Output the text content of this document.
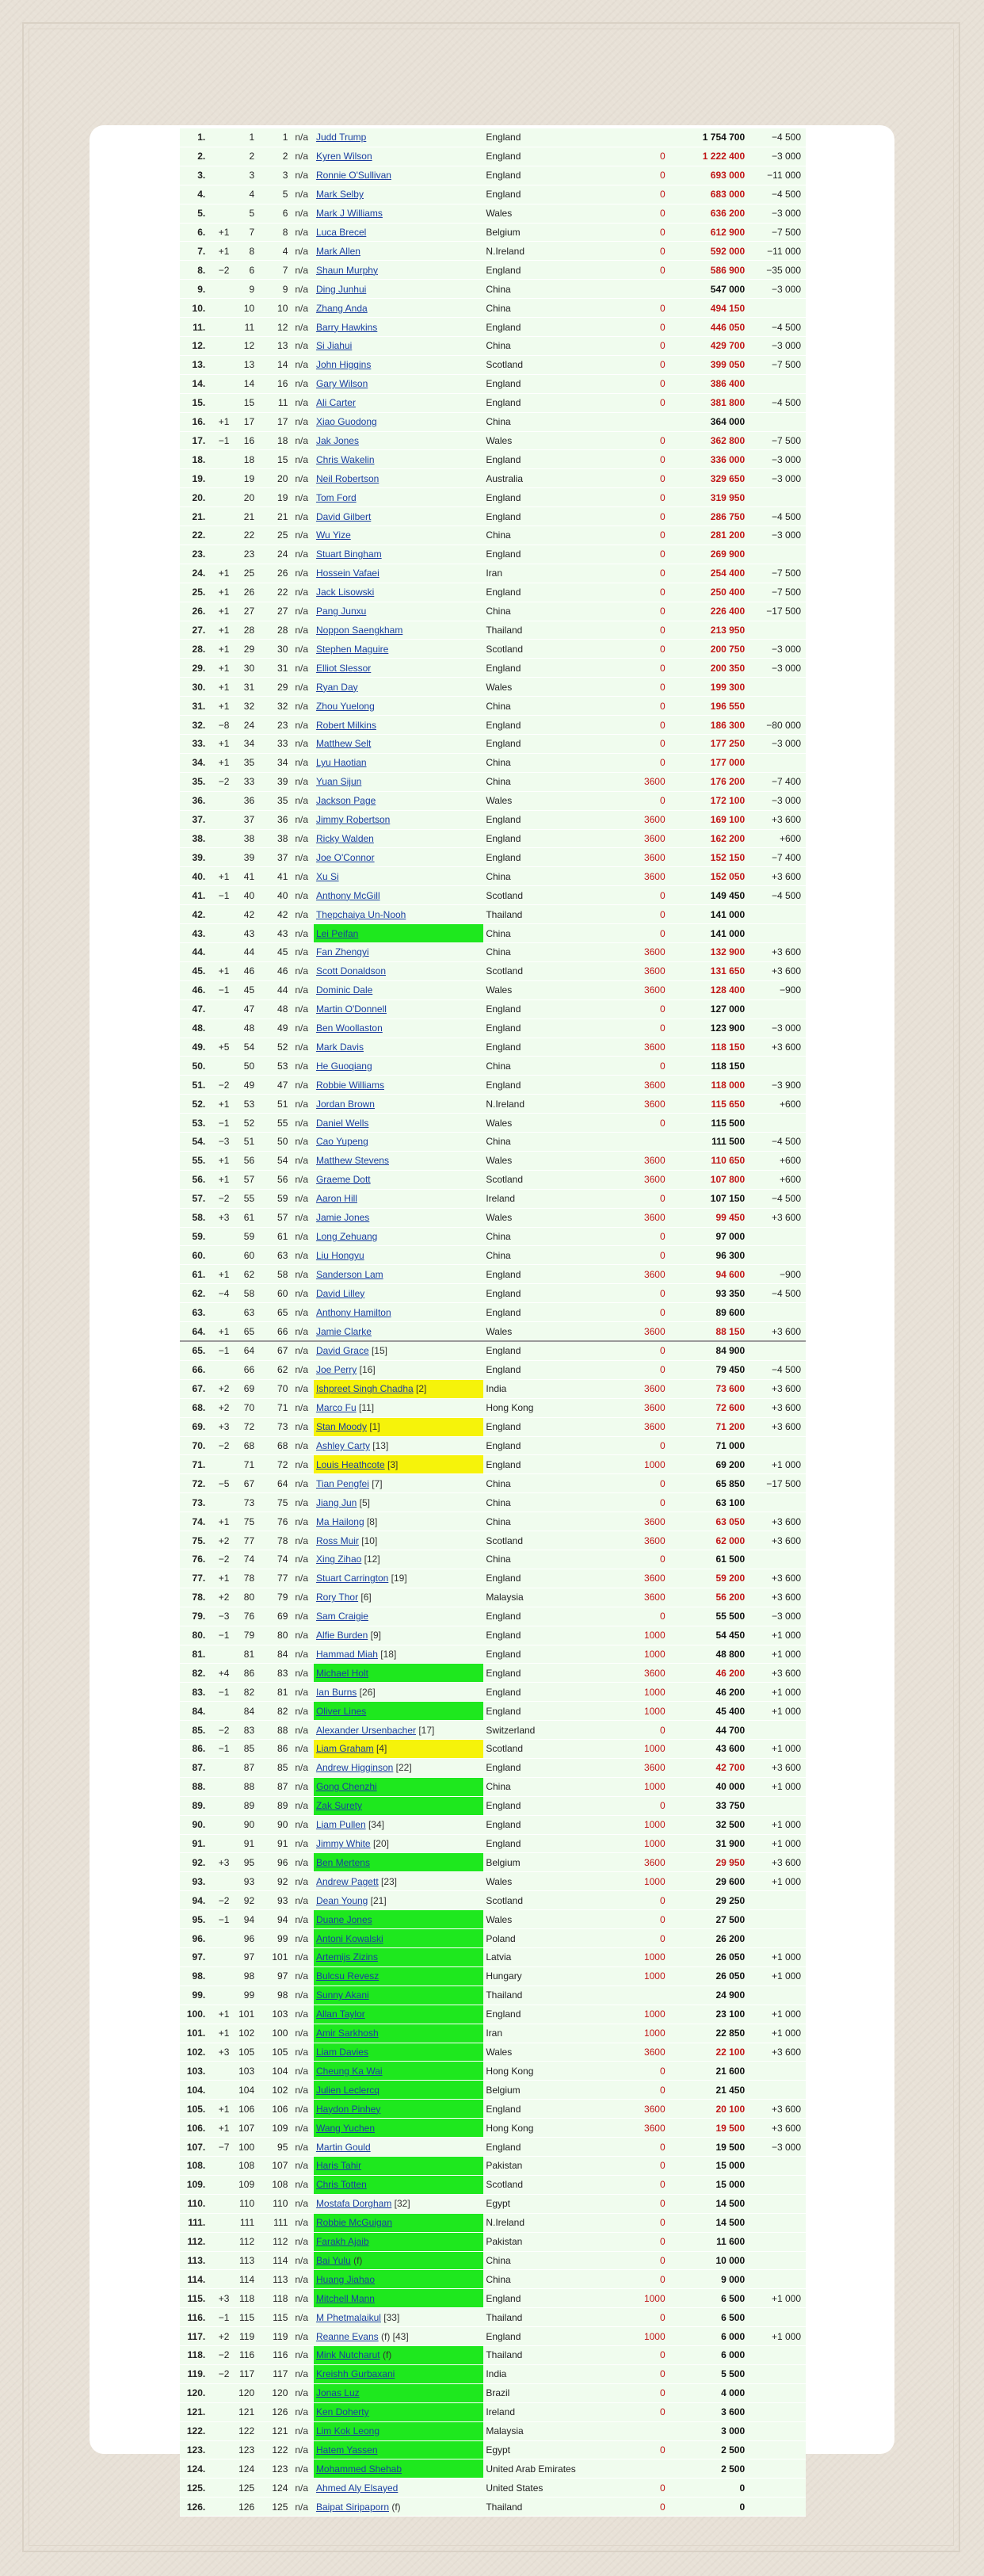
1.		1	1	n/a	Judd Trump	England		1 754 700	−4 500
2.		2	2	n/a	Kyren Wilson	England	0	1 222 400	−3 000
3.		3	3	n/a	Ronnie O'Sullivan	England	0	693 000	−11 000
4.		4	5	n/a	Mark Selby	England	0	683 000	−4 500
5.		5	6	n/a	Mark J Williams	Wales	0	636 200	−3 000
6.	+1	7	8	n/a	Luca Brecel	Belgium	0	612 900	−7 500
7.	+1	8	4	n/a	Mark Allen	N.Ireland	0	592 000	−11 000
8.	−2	6	7	n/a	Shaun Murphy	England	0	586 900	−35 000
9.		9	9	n/a	Ding Junhui	China		547 000	−3 000
10.		10	10	n/a	Zhang Anda	China	0	494 150	
11.		11	12	n/a	Barry Hawkins	England	0	446 050	−4 500
12.		12	13	n/a	Si Jiahui	China	0	429 700	−3 000
13.		13	14	n/a	John Higgins	Scotland	0	399 050	−7 500
14.		14	16	n/a	Gary Wilson	England	0	386 400	
15.		15	11	n/a	Ali Carter	England	0	381 800	−4 500
16.	+1	17	17	n/a	Xiao Guodong	China		364 000	
17.	−1	16	18	n/a	Jak Jones	Wales	0	362 800	−7 500
18.		18	15	n/a	Chris Wakelin	England	0	336 000	−3 000
19.		19	20	n/a	Neil Robertson	Australia	0	329 650	−3 000
20.		20	19	n/a	Tom Ford	England	0	319 950	
21.		21	21	n/a	David Gilbert	England	0	286 750	−4 500
22.		22	25	n/a	Wu Yize	China	0	281 200	−3 000
23.		23	24	n/a	Stuart Bingham	England	0	269 900	
24.	+1	25	26	n/a	Hossein Vafaei	Iran	0	254 400	−7 500
25.	+1	26	22	n/a	Jack Lisowski	England	0	250 400	−7 500
26.	+1	27	27	n/a	Pang Junxu	China	0	226 400	−17 500
27.	+1	28	28	n/a	Noppon Saengkham	Thailand	0	213 950	
28.	+1	29	30	n/a	Stephen Maguire	Scotland	0	200 750	−3 000
29.	+1	30	31	n/a	Elliot Slessor	England	0	200 350	−3 000
30.	+1	31	29	n/a	Ryan Day	Wales	0	199 300	
31.	+1	32	32	n/a	Zhou Yuelong	China	0	196 550	
32.	−8	24	23	n/a	Robert Milkins	England	0	186 300	−80 000
33.	+1	34	33	n/a	Matthew Selt	England	0	177 250	−3 000
34.	+1	35	34	n/a	Lyu Haotian	China	0	177 000	
35.	−2	33	39	n/a	Yuan Sijun	China	3600	176 200	−7 400
36.		36	35	n/a	Jackson Page	Wales	0	172 100	−3 000
37.		37	36	n/a	Jimmy Robertson	England	3600	169 100	+3 600
38.		38	38	n/a	Ricky Walden	England	3600	162 200	+600
39.		39	37	n/a	Joe O'Connor	England	3600	152 150	−7 400
40.	+1	41	41	n/a	Xu Si	China	3600	152 050	+3 600
41.	−1	40	40	n/a	Anthony McGill	Scotland	0	149 450	−4 500
42.		42	42	n/a	Thepchaiya Un-Nooh	Thailand	0	141 000	
43.		43	43	n/a	Lei Peifan	China	0	141 000	
44.		44	45	n/a	Fan Zhengyi	China	3600	132 900	+3 600
45.	+1	46	46	n/a	Scott Donaldson	Scotland	3600	131 650	+3 600
46.	−1	45	44	n/a	Dominic Dale	Wales	3600	128 400	−900
47.		47	48	n/a	Martin O'Donnell	England	0	127 000	
48.		48	49	n/a	Ben Woollaston	England	0	123 900	−3 000
49.	+5	54	52	n/a	Mark Davis	England	3600	118 150	+3 600
50.		50	53	n/a	He Guoqiang	China	0	118 150	
51.	−2	49	47	n/a	Robbie Williams	England	3600	118 000	−3 900
52.	+1	53	51	n/a	Jordan Brown	N.Ireland	3600	115 650	+600
53.	−1	52	55	n/a	Daniel Wells	Wales	0	115 500	
54.	−3	51	50	n/a	Cao Yupeng	China		111 500	−4 500
55.	+1	56	54	n/a	Matthew Stevens	Wales	3600	110 650	+600
56.	+1	57	56	n/a	Graeme Dott	Scotland	3600	107 800	+600
57.	−2	55	59	n/a	Aaron Hill	Ireland	0	107 150	−4 500
58.	+3	61	57	n/a	Jamie Jones	Wales	3600	99 450	+3 600
59.		59	61	n/a	Long Zehuang	China	0	97 000	
60.		60	63	n/a	Liu Hongyu	China	0	96 300	
61.	+1	62	58	n/a	Sanderson Lam	England	3600	94 600	−900
62.	−4	58	60	n/a	David Lilley	England	0	93 350	−4 500
63.		63	65	n/a	Anthony Hamilton	England	0	89 600	
64.	+1	65	66	n/a	Jamie Clarke	Wales	3600	88 150	+3 600
65.	−1	64	67	n/a	David Grace [15]	England	0	84 900	
66.		66	62	n/a	Joe Perry [16]	England	0	79 450	−4 500
67.	+2	69	70	n/a	Ishpreet Singh Chadha [2]	India	3600	73 600	+3 600
68.	+2	70	71	n/a	Marco Fu [11]	Hong Kong	3600	72 600	+3 600
69.	+3	72	73	n/a	Stan Moody [1]	England	3600	71 200	+3 600
70.	−2	68	68	n/a	Ashley Carty [13]	England	0	71 000	
71.		71	72	n/a	Louis Heathcote [3]	England	1000	69 200	+1 000
72.	−5	67	64	n/a	Tian Pengfei [7]	China	0	65 850	−17 500
73.		73	75	n/a	Jiang Jun [5]	China	0	63 100	
74.	+1	75	76	n/a	Ma Hailong [8]	China	3600	63 050	+3 600
75.	+2	77	78	n/a	Ross Muir [10]	Scotland	3600	62 000	+3 600
76.	−2	74	74	n/a	Xing Zihao [12]	China	0	61 500	
77.	+1	78	77	n/a	Stuart Carrington [19]	England	3600	59 200	+3 600
78.	+2	80	79	n/a	Rory Thor [6]	Malaysia	3600	56 200	+3 600
79.	−3	76	69	n/a	Sam Craigie	England	0	55 500	−3 000
80.	−1	79	80	n/a	Alfie Burden [9]	England	1000	54 450	+1 000
81.		81	84	n/a	Hammad Miah [18]	England	1000	48 800	+1 000
82.	+4	86	83	n/a	Michael Holt	England	3600	46 200	+3 600
83.	−1	82	81	n/a	Ian Burns [26]	England	1000	46 200	+1 000
84.		84	82	n/a	Oliver Lines	England	1000	45 400	+1 000
85.	−2	83	88	n/a	Alexander Ursenbacher [17]	Switzerland	0	44 700	
86.	−1	85	86	n/a	Liam Graham [4]	Scotland	1000	43 600	+1 000
87.		87	85	n/a	Andrew Higginson [22]	England	3600	42 700	+3 600
88.		88	87	n/a	Gong Chenzhi	China	1000	40 000	+1 000
89.		89	89	n/a	Zak Surety	England	0	33 750	
90.		90	90	n/a	Liam Pullen [34]	England	1000	32 500	+1 000
91.		91	91	n/a	Jimmy White [20]	England	1000	31 900	+1 000
92.	+3	95	96	n/a	Ben Mertens	Belgium	3600	29 950	+3 600
93.		93	92	n/a	Andrew Pagett [23]	Wales	1000	29 600	+1 000
94.	−2	92	93	n/a	Dean Young [21]	Scotland	0	29 250	
95.	−1	94	94	n/a	Duane Jones	Wales	0	27 500	
96.		96	99	n/a	Antoni Kowalski	Poland	0	26 200	
97.		97	101	n/a	Artemijs Zizins	Latvia	1000	26 050	+1 000
98.		98	97	n/a	Bulcsu Revesz	Hungary	1000	26 050	+1 000
99.		99	98	n/a	Sunny Akani	Thailand		24 900	
100.	+1	101	103	n/a	Allan Taylor	England	1000	23 100	+1 000
101.	+1	102	100	n/a	Amir Sarkhosh	Iran	1000	22 850	+1 000
102.	+3	105	105	n/a	Liam Davies	Wales	3600	22 100	+3 600
103.		103	104	n/a	Cheung Ka Wai	Hong Kong	0	21 600	
104.		104	102	n/a	Julien Leclercq	Belgium	0	21 450	
105.	+1	106	106	n/a	Haydon Pinhey	England	3600	20 100	+3 600
106.	+1	107	109	n/a	Wang Yuchen	Hong Kong	3600	19 500	+3 600
107.	−7	100	95	n/a	Martin Gould	England	0	19 500	−3 000
108.		108	107	n/a	Haris Tahir	Pakistan	0	15 000	
109.		109	108	n/a	Chris Totten	Scotland	0	15 000	
110.		110	110	n/a	Mostafa Dorgham [32]	Egypt	0	14 500	
111.		111	111	n/a	Robbie McGuigan	N.Ireland	0	14 500	
112.		112	112	n/a	Farakh Ajaib	Pakistan	0	11 600	
113.		113	114	n/a	Bai Yulu (f)	China	0	10 000	
114.		114	113	n/a	Huang Jiahao	China	0	9 000	
115.	+3	118	118	n/a	Mitchell Mann	England	1000	6 500	+1 000
116.	−1	115	115	n/a	M Phetmalaikul [33]	Thailand	0	6 500	
117.	+2	119	119	n/a	Reanne Evans (f) [43]	England	1000	6 000	+1 000
118.	−2	116	116	n/a	Mink Nutcharut (f)	Thailand	0	6 000	
119.	−2	117	117	n/a	Kreishh Gurbaxani	India	0	5 500	
120.		120	120	n/a	Jonas Luz	Brazil	0	4 000	
121.		121	126	n/a	Ken Doherty	Ireland	0	3 600	
122.		122	121	n/a	Lim Kok Leong	Malaysia		3 000	
123.		123	122	n/a	Hatem Yassen	Egypt	0	2 500	
124.		124	123	n/a	Mohammed Shehab	United Arab Emirates		2 500	
125.		125	124	n/a	Ahmed Aly Elsayed	United States	0	0	
126.		126	125	n/a	Baipat Siripaporn (f)	Thailand	0	0	
